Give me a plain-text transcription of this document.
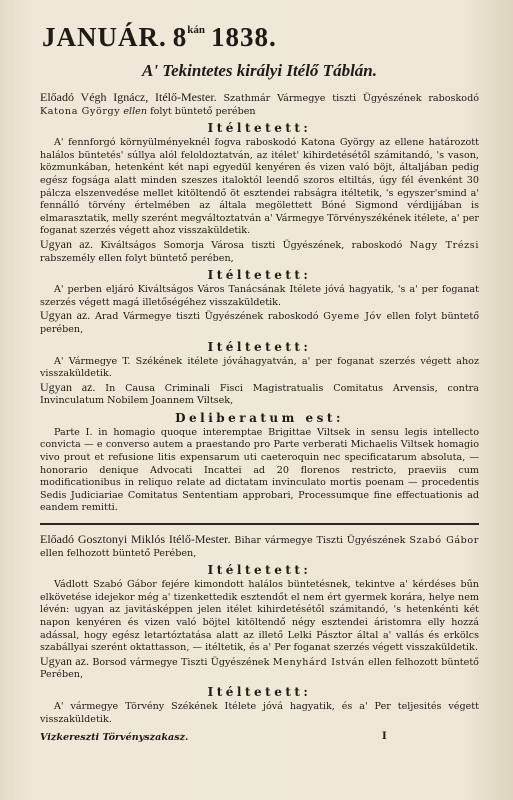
JANUÁR. $8^{kán}$ 1838.
A' Tekintetes királyi Itélő Táblán.

Előadó Végh Ignácz, Itélő-Mester. Szathmár Vármegye tiszti Ügyészének raboskodó Katona György ellen folyt büntető perében

Itéltetett:

A' fennforgó környülményeknél fogva raboskodó Katona György az ellene határozott halálos büntetés' súllya alól feloldoztatván, az itélet' kihirdetésétől számitandó, 's vason, közmunkában, hetenként két napi egyedül kenyéren és vizen való böjt, általjában pedig egész fogsága alatt minden szeszes italoktól leendő szoros eltiltás, úgy fél évenként 30 pálcza elszenvedése mellet kitöltendő öt esztendei rabságra itéltetik, 's egyszer'smind a' fennálló törvény értelmében az általa megölettett Bóné Sigmond vérdijjában is elmarasztatik, melly szerént megváltoztatván a' Vármegye Törvényszékének itélete, a' per foganat szerzés végett ahoz visszaküldetik.

Ugyan az. Kiváltságos Somorja Városa tiszti Ügyészének, raboskodó Nagy Trézsi rabszemély ellen folyt büntető perében,

Itéltetett:

A' perben eljáró Kiváltságos Város Tanácsának Itélete jóvá hagyatik, 's a' per foganat szerzés végett magá illetőségéhez visszaküldetik.

Ugyan az. Arad Vármegye tiszti Ügyészének raboskodó Gyeme Jóv ellen folyt büntető perében,

Itéltetett:

A' Vármegye T. Székének itélete jóváhagyatván, a' per foganat szerzés végett ahoz visszaküldetik.

Ugyan az. In Causa Criminali Fisci Magistratualis Comitatus Arvensis, contra Invinculatum Nobilem Joannem Viltsek,

Deliberatum est:

Parte I. in homagio quoque interemptae Brigittae Viltsek in sensu legis intellecto convicta — e converso autem a praestando pro Parte verberati Michaelis Viltsek homagio vivo prout et refusione litis expensarum uti caeteroquin nec specificatarum absoluta, — honorario denique Advocati Incattei ad 20 florenos restricto, praeviis cum modificationibus in reliquo relate ad dictatam invinculato mortis poenam — procedentis Sedis Judiciariae Comitatus Sententiam approbari, Processumque fine effectuationis ad eandem remitti.

Előadó Gosztonyi Miklós Itélő-Mester. Bihar vármegye Tiszti Ügyészének Szabó Gábor ellen felhozott büntető Perében,

Itéltetett:

Vádlott Szabó Gábor fejére kimondott halálos büntetésnek, tekintve a' kérdéses bűn elkövetése idejekor még a' tizenkettedik esztendőt el nem ért gyermek korára, helye nem lévén: ugyan az javitásképpen jelen itélet kihirdetésétől számitandó, 's hetenkénti két napon kenyéren és vizen való böjtel kitöltendő négy esztendei áristomra elly hozzá adással, hogy egész letartóztatása alatt az illető Lelki Pásztor által a' vallás és erkölcs szabállyai szerént oktattasson, — itéltetik, és a' Per foganat szerzés végett visszaküldetik.

Ugyan az. Borsod vármegye Tiszti Ügyészének Menyhárd István ellen felhozott büntető Perében,

Itéltetett:

A' vármegye Törvény Székének Itélete jóvá hagyatik, és a' Per teljesités végett visszaküldetik.

Vizkereszti Törvényszakasz.	I
